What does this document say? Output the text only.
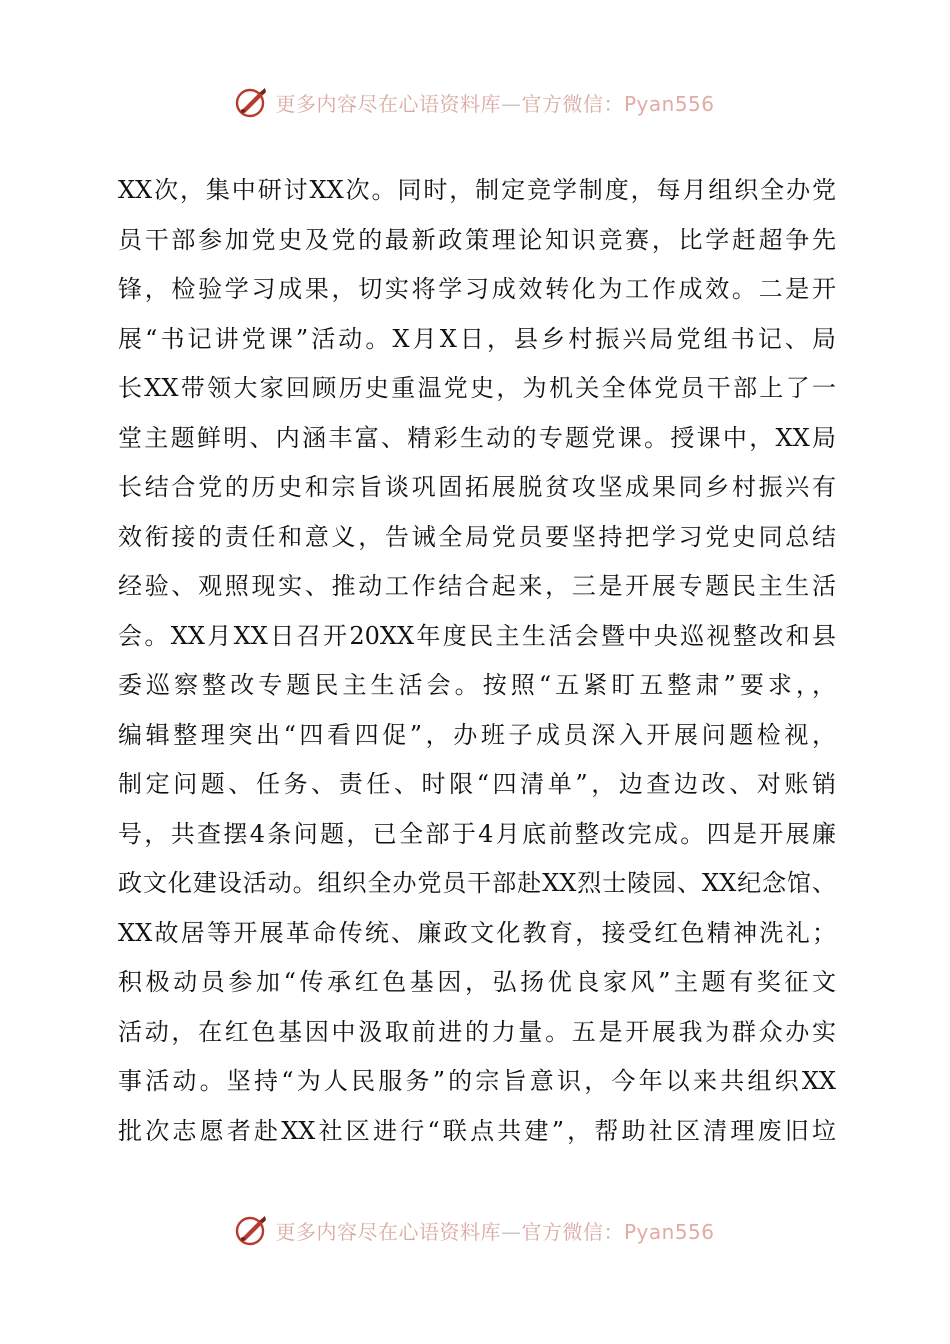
更多内容尽在心语资料库—官方微信：Pyan556
XX次，集中研讨XX次。同时，制定竞学制度，每月组织全办党
员干部参加党史及党的最新政策理论知识竞赛，比学赶超争先
锋，检验学习成果，切实将学习成效转化为工作成效。二是开
展“书记讲党课”活动。X月X日，县乡村振兴局党组书记、局
长XX带领大家回顾历史重温党史，为机关全体党员干部上了一
堂主题鲜明、内涵丰富、精彩生动的专题党课。授课中，XX局
长结合党的历史和宗旨谈巩固拓展脱贫攻坚成果同乡村振兴有
效衔接的责任和意义，告诫全局党员要坚持把学习党史同总结
经验、观照现实、推动工作结合起来，三是开展专题民主生活
会。XX月XX日召开20XX年度民主生活会暨中央巡视整改和县
委巡察整改专题民主生活会。按照“五紧盯五整肃”要求，，
编辑整理突出“四看四促”，办班子成员深入开展问题检视，
制定问题、任务、责任、时限“四清单”，边查边改、对账销
号，共查摆4条问题，已全部于4月底前整改完成。四是开展廉
政文化建设活动。组织全办党员干部赴XX烈士陵园、XX纪念馆、
XX故居等开展革命传统、廉政文化教育，接受红色精神洗礼；
积极动员参加“传承红色基因，弘扬优良家风”主题有奖征文
活动，在红色基因中汲取前进的力量。五是开展我为群众办实
事活动。坚持“为人民服务”的宗旨意识，今年以来共组织XX
批次志愿者赴XX社区进行“联点共建”，帮助社区清理废旧垃
更多内容尽在心语资料库—官方微信：Pyan556
